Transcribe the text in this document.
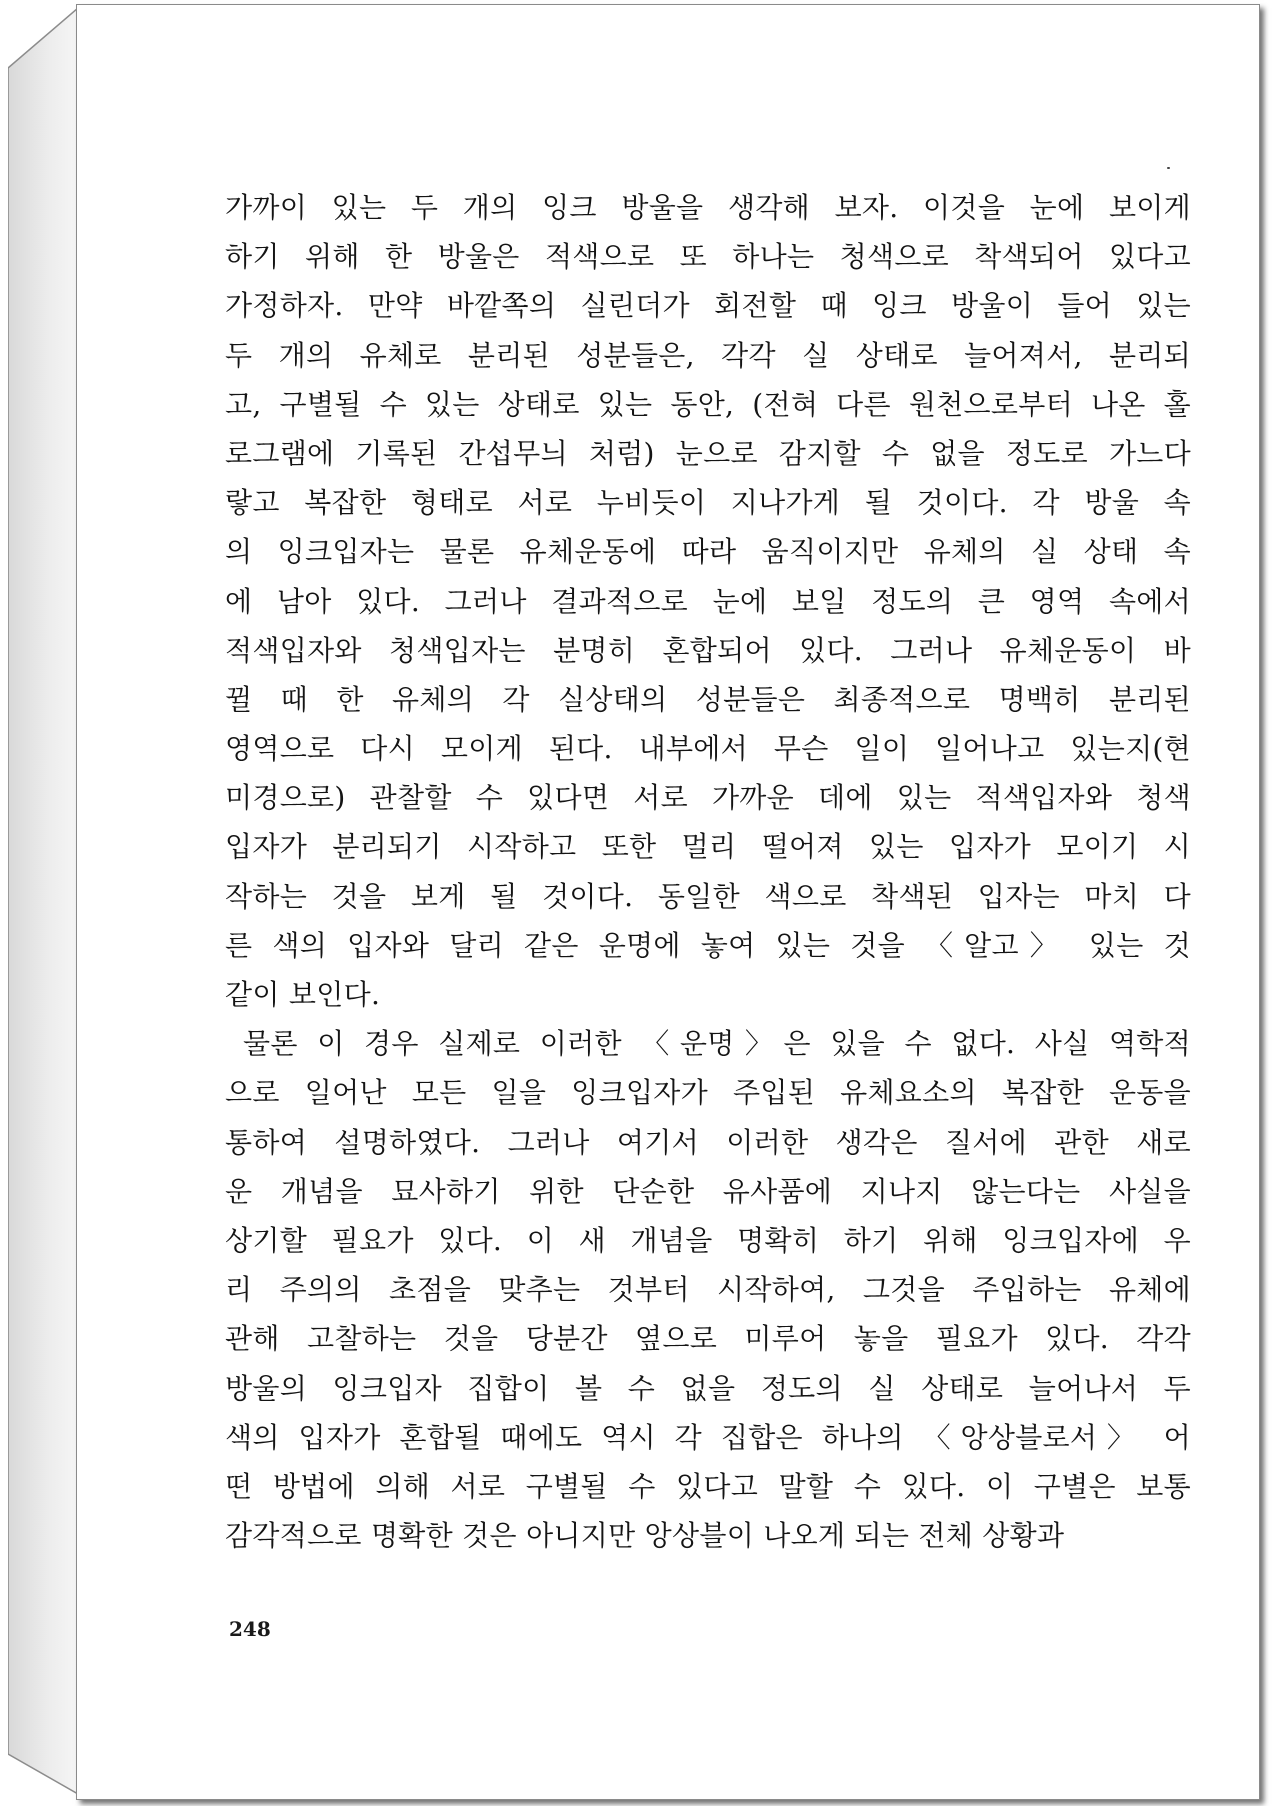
가까이 있는 두 개의 잉크 방울을 생각해 보자. 이것을 눈에 보이게
하기 위해 한 방울은 적색으로 또 하나는 청색으로 착색되어 있다고
가정하자. 만약 바깥쪽의 실린더가 회전할 때 잉크 방울이 들어 있는
두 개의 유체로 분리된 성분들은, 각각 실 상태로 늘어져서, 분리되
고, 구별될 수 있는 상태로 있는 동안, (전혀 다른 원천으로부터 나온 홀
로그램에 기록된 간섭무늬 처럼) 눈으로 감지할 수 없을 정도로 가느다
랗고 복잡한 형태로 서로 누비듯이 지나가게 될 것이다. 각 방울 속
의 잉크입자는 물론 유체운동에 따라 움직이지만 유체의 실 상태 속
에 남아 있다. 그러나 결과적으로 눈에 보일 정도의 큰 영역 속에서
적색입자와 청색입자는 분명히 혼합되어 있다. 그러나 유체운동이 바
뀔 때 한 유체의 각 실상태의 성분들은 최종적으로 명백히 분리된
영역으로 다시 모이게 된다. 내부에서 무슨 일이 일어나고 있는지(현
미경으로) 관찰할 수 있다면 서로 가까운 데에 있는 적색입자와 청색
입자가 분리되기 시작하고 또한 멀리 떨어져 있는 입자가 모이기 시
작하는 것을 보게 될 것이다. 동일한 색으로 착색된 입자는 마치 다
른 색의 입자와 달리 같은 운명에 놓여 있는 것을 〈알고〉 있는 것
같이 보인다.
물론 이 경우 실제로 이러한 〈운명〉은 있을 수 없다. 사실 역학적
으로 일어난 모든 일을 잉크입자가 주입된 유체요소의 복잡한 운동을
통하여 설명하였다. 그러나 여기서 이러한 생각은 질서에 관한 새로
운 개념을 묘사하기 위한 단순한 유사품에 지나지 않는다는 사실을
상기할 필요가 있다. 이 새 개념을 명확히 하기 위해 잉크입자에 우
리 주의의 초점을 맞추는 것부터 시작하여, 그것을 주입하는 유체에
관해 고찰하는 것을 당분간 옆으로 미루어 놓을 필요가 있다. 각각
방울의 잉크입자 집합이 볼 수 없을 정도의 실 상태로 늘어나서 두
색의 입자가 혼합될 때에도 역시 각 집합은 하나의 〈앙상블로서〉 어
떤 방법에 의해 서로 구별될 수 있다고 말할 수 있다. 이 구별은 보통
감각적으로 명확한 것은 아니지만 앙상블이 나오게 되는 전체 상황과
248
